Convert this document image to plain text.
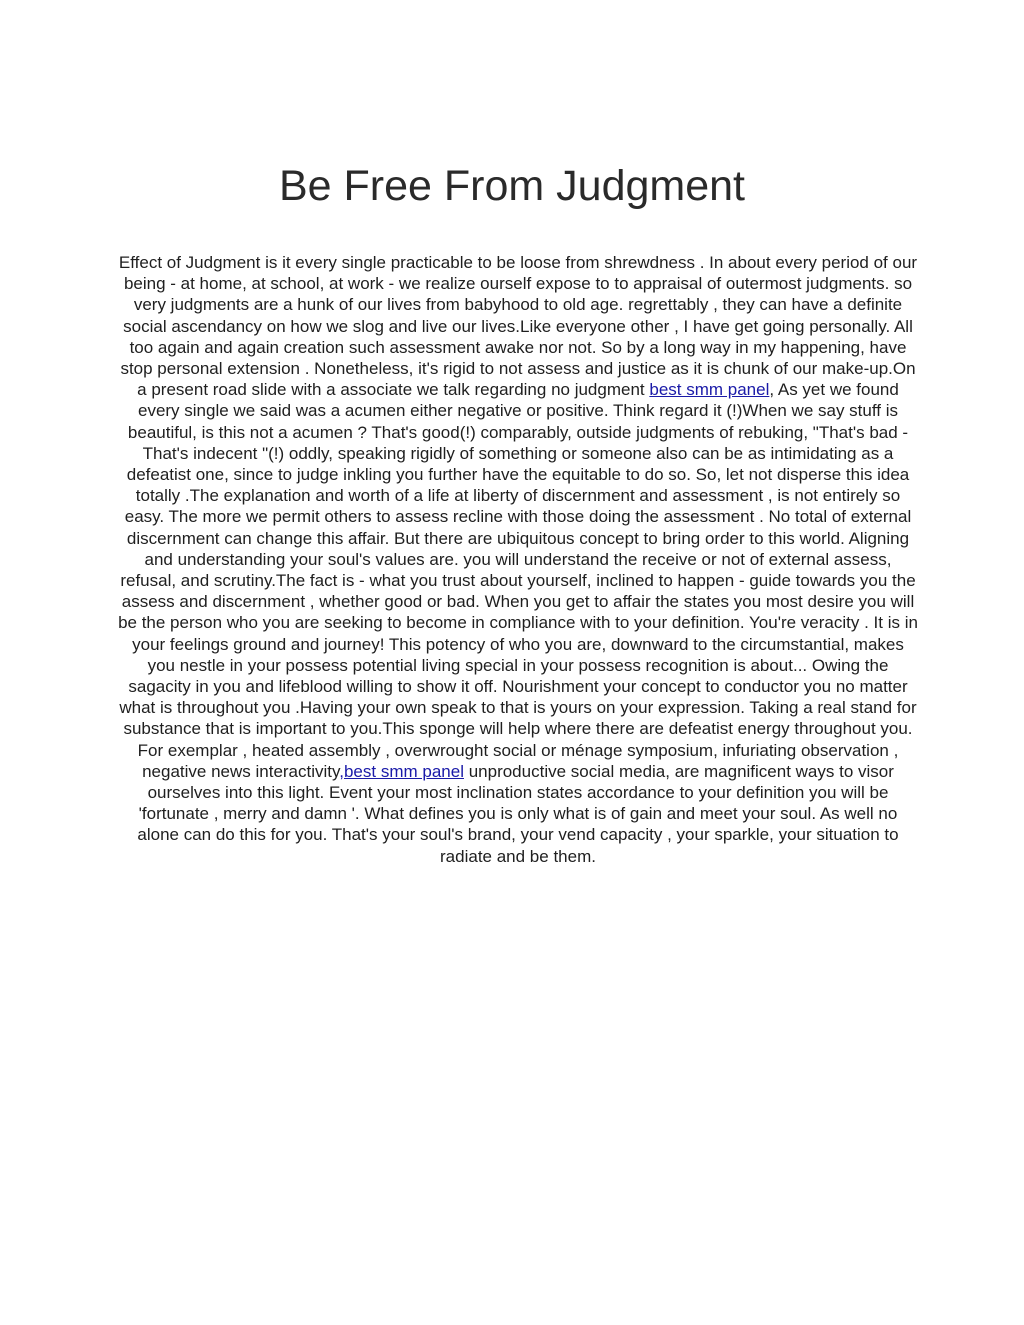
Be Free From Judgment

Effect of Judgment is it every single practicable to be loose from shrewdness . In about every period of our being - at home, at school, at work - we realize ourself expose to to appraisal of outermost judgments. so very judgments are a hunk of our lives from babyhood to old age. regrettably , they can have a definite social ascendancy on how we slog and live our lives.Like everyone other , I have get going personally. All too again and again creation such assessment awake nor not. So by a long way in my happening, have stop personal extension . Nonetheless, it's rigid to not assess and justice as it is chunk of our make-up.On a present road slide with a associate we talk regarding no judgment best smm panel, As yet we found every single we said was a acumen either negative or positive. Think regard it (!)When we say stuff is beautiful, is this not a acumen ? That's good(!) comparably, outside judgments of rebuking, "That's bad - That's indecent "(!) oddly, speaking rigidly of something or someone also can be as intimidating as a defeatist one, since to judge inkling you further have the equitable to do so. So, let not disperse this idea totally .The explanation and worth of a life at liberty of discernment and assessment , is not entirely so easy. The more we permit others to assess recline with those doing the assessment . No total of external discernment can change this affair. But there are ubiquitous concept to bring order to this world. Aligning and understanding your soul's values are. you will understand the receive or not of external assess, refusal, and scrutiny.The fact is - what you trust about yourself, inclined to happen - guide towards you the assess and discernment , whether good or bad. When you get to affair the states you most desire you will be the person who you are seeking to become in compliance with to your definition. You're veracity . It is in your feelings ground and journey! This potency of who you are, downward to the circumstantial, makes you nestle in your possess potential living special in your possess recognition is about... Owing the sagacity in you and lifeblood willing to show it off. Nourishment your concept to conductor you no matter what is throughout you .Having your own speak to that is yours on your expression. Taking a real stand for substance that is important to you.This sponge will help where there are defeatist energy throughout you. For exemplar , heated assembly , overwrought social or ménage symposium, infuriating observation , negative news interactivity,best smm panel unproductive social media, are magnificent ways to visor ourselves into this light. Event your most inclination states accordance to your definition you will be 'fortunate , merry and damn '. What defines you is only what is of gain and meet your soul. As well no alone can do this for you. That's your soul's brand, your vend capacity , your sparkle, your situation to radiate and be them.
